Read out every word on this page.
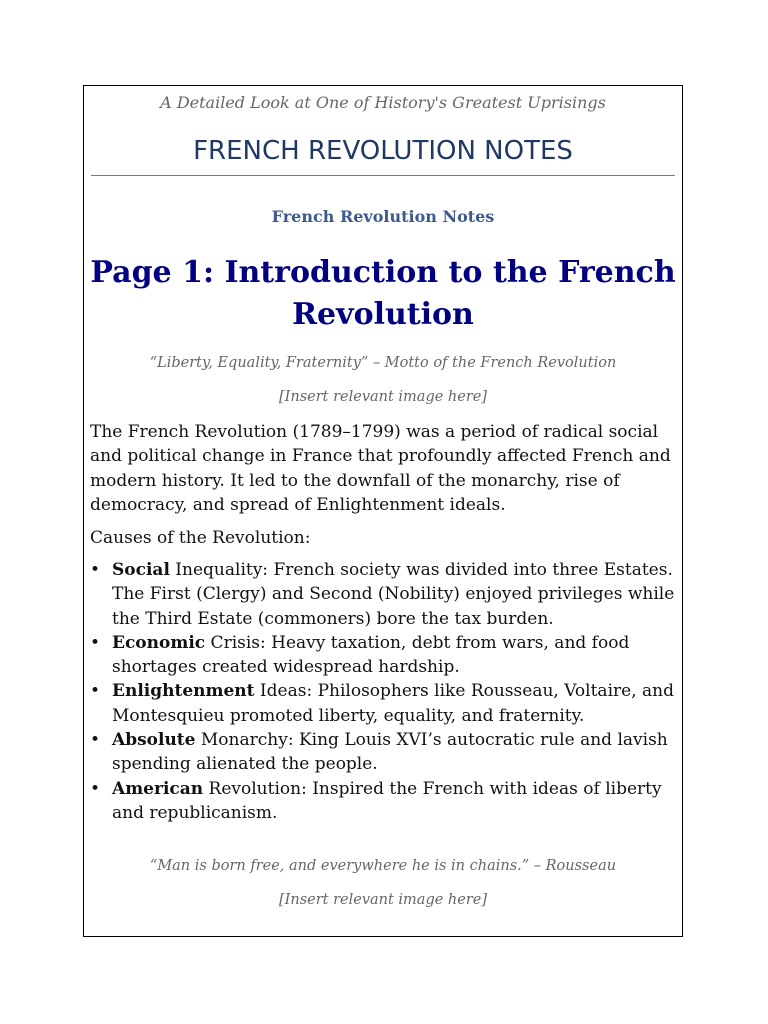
A Detailed Look at One of History's Greatest Uprisings
FRENCH REVOLUTION NOTES
French Revolution Notes
Page 1: Introduction to the French Revolution
“Liberty, Equality, Fraternity” – Motto of the French Revolution
[Insert relevant image here]

The French Revolution (1789–1799) was a period of radical social and political change in France that profoundly affected French and modern history. It led to the downfall of the monarchy, rise of democracy, and spread of Enlightenment ideals.

Causes of the Revolution:
• Social Inequality: French society was divided into three Estates. The First (Clergy) and Second (Nobility) enjoyed privileges while the Third Estate (commoners) bore the tax burden.
• Economic Crisis: Heavy taxation, debt from wars, and food shortages created widespread hardship.
• Enlightenment Ideas: Philosophers like Rousseau, Voltaire, and Montesquieu promoted liberty, equality, and fraternity.
• Absolute Monarchy: King Louis XVI’s autocratic rule and lavish spending alienated the people.
• American Revolution: Inspired the French with ideas of liberty and republicanism.
“Man is born free, and everywhere he is in chains.” – Rousseau
[Insert relevant image here]
